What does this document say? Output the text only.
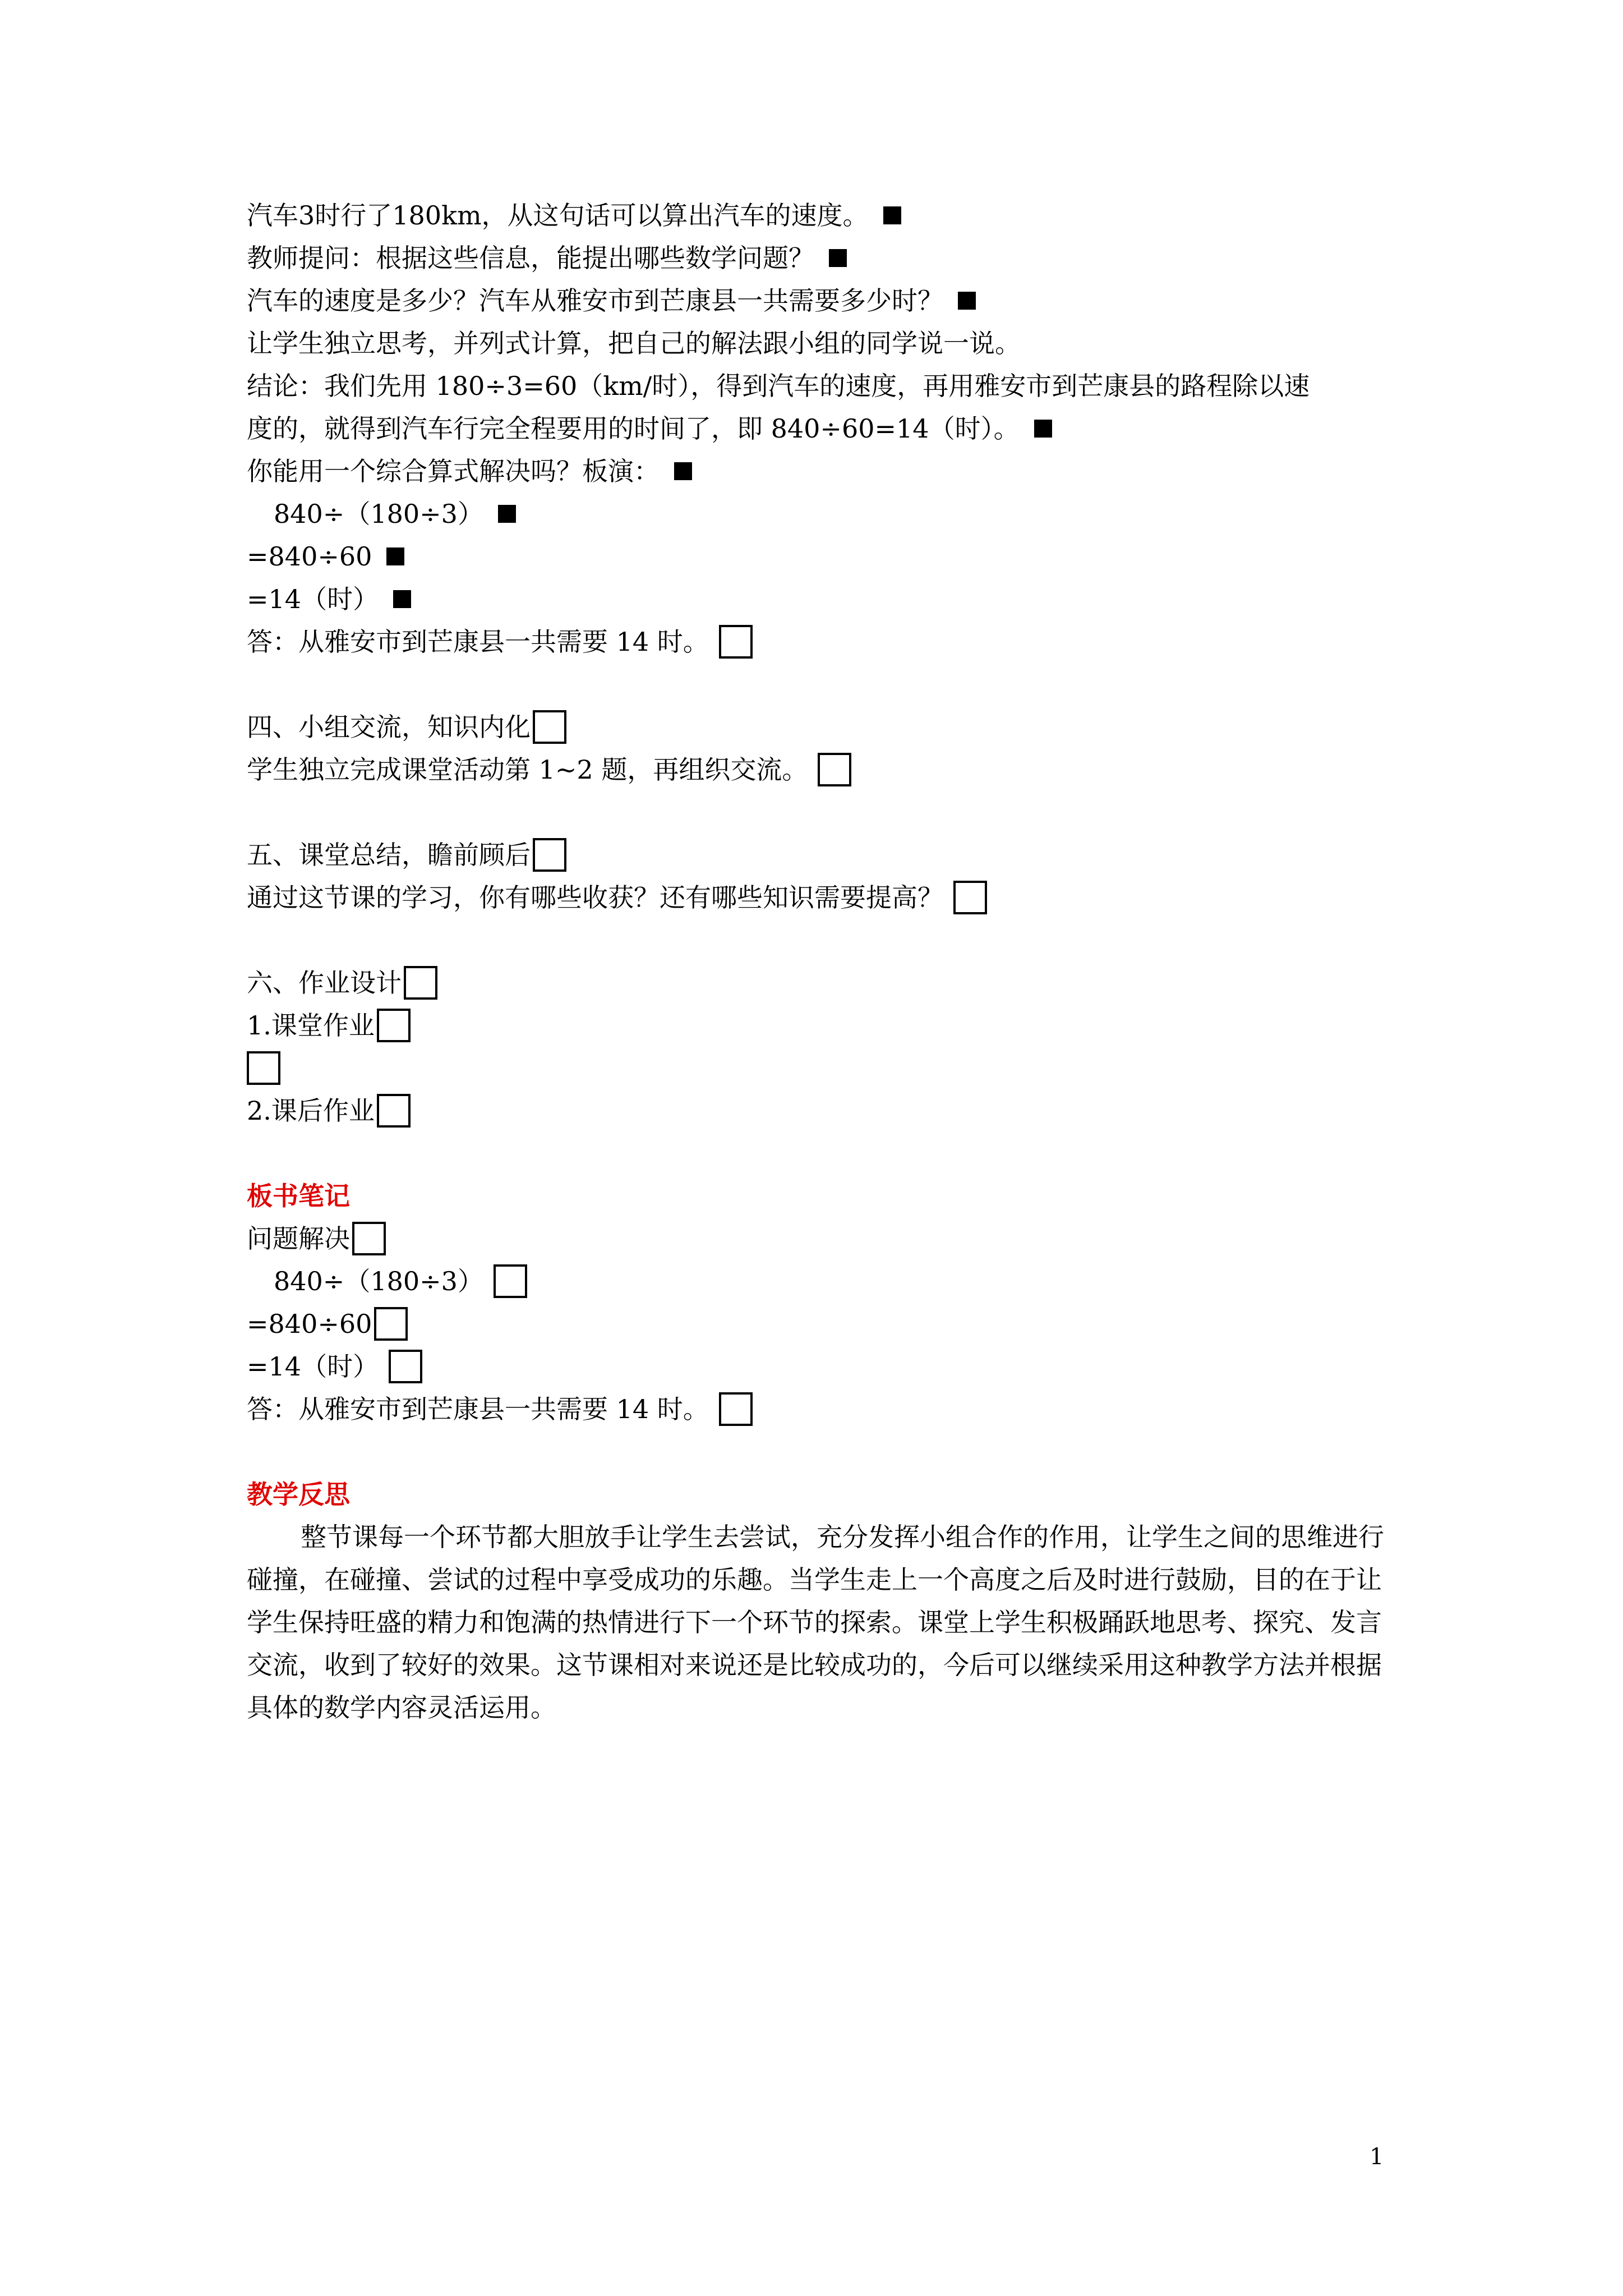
汽车3时行了180km，从这句话可以算出汽车的速度。
教师提问：根据这些信息，能提出哪些数学问题？
汽车的速度是多少？汽车从雅安市到芒康县一共需要多少时？
让学生独立思考，并列式计算，把自己的解法跟小组的同学说一说。
结论：我们先用 180÷3=60（km/时），得到汽车的速度，再用雅安市到芒康县的路程除以速
度的，就得到汽车行完全程要用的时间了，即 840÷60=14（时）。
你能用一个综合算式解决吗？板演：
840÷（180÷3）
=840÷60
=14（时）
答：从雅安市到芒康县一共需要 14 时。
四、小组交流，知识内化
学生独立完成课堂活动第 1~2 题，再组织交流。
五、课堂总结，瞻前顾后
通过这节课的学习，你有哪些收获？还有哪些知识需要提高？
六、作业设计
1.课堂作业
2.课后作业
板书笔记
问题解决
840÷（180÷3）
=840÷60
=14（时）
答：从雅安市到芒康县一共需要 14 时。
教学反思

整节课每一个环节都大胆放手让学生去尝试，充分发挥小组合作的作用，让学生之间的思维进行碰撞，在碰撞、尝试的过程中享受成功的乐趣。当学生走上一个高度之后及时进行鼓励，目的在于让学生保持旺盛的精力和饱满的热情进行下一个环节的探索。课堂上学生积极踊跃地思考、探究、发言交流，收到了较好的效果。这节课相对来说还是比较成功的，今后可以继续采用这种教学方法并根据具体的数学内容灵活运用。

1
